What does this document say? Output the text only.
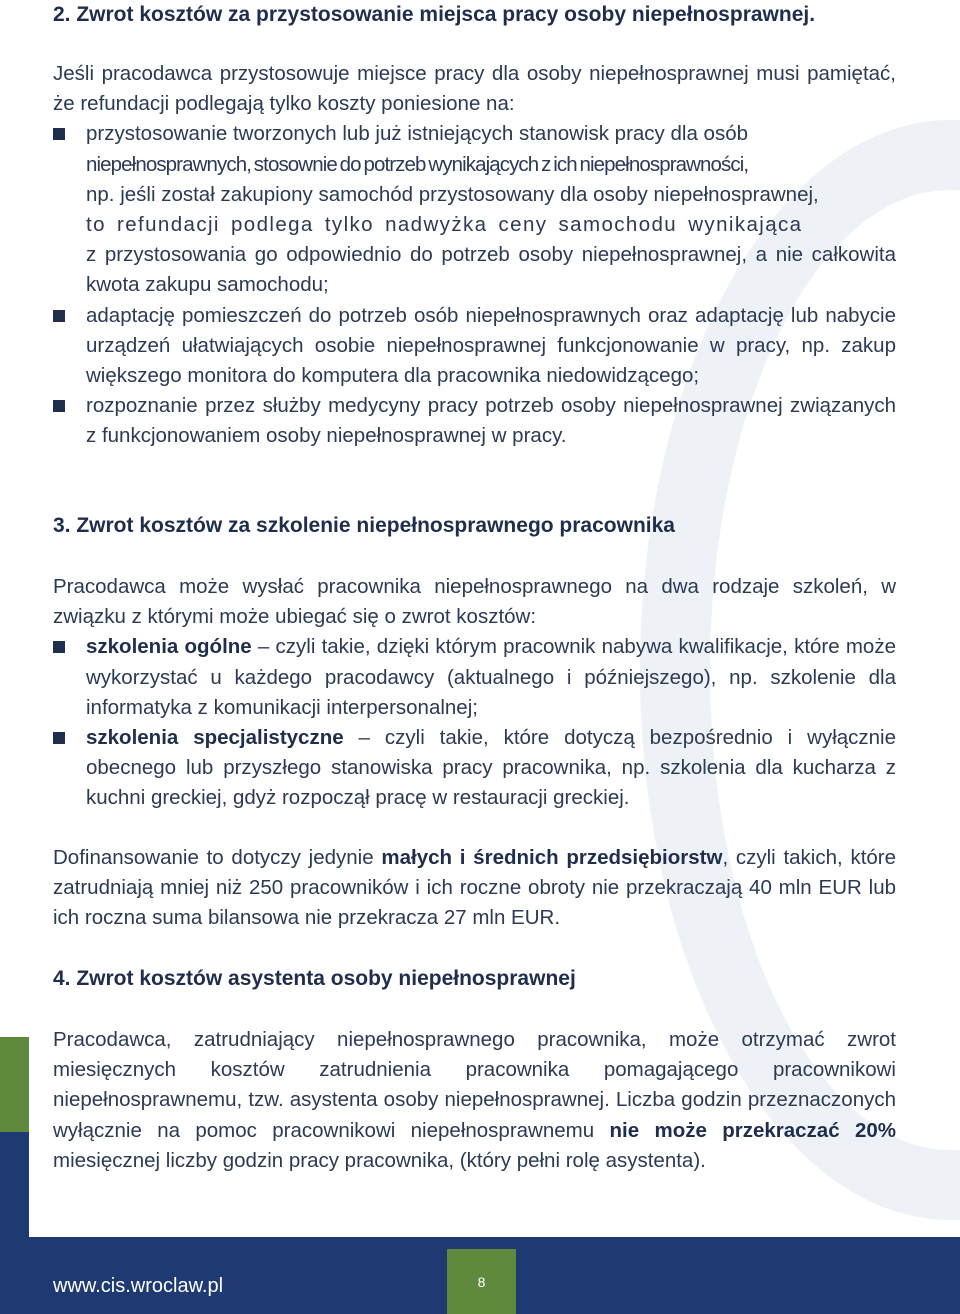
2. Zwrot kosztów za przystosowanie miejsca pracy osoby niepełnosprawnej.
Jeśli pracodawca przystosowuje miejsce pracy dla osoby niepełnosprawnej musi pamiętać, że refundacji podlegają tylko koszty poniesione na:
przystosowanie tworzonych lub już istniejących stanowisk pracy dla osób
niepełnosprawnych, stosownie do potrzeb wynikających z ich niepełnosprawności,
np. jeśli został zakupiony samochód przystosowany dla osoby niepełnosprawnej,
to refundacji podlega tylko nadwyżka ceny samochodu wynikająca
z przystosowania go odpowiednio do potrzeb osoby niepełnosprawnej, a nie całkowita kwota zakupu samochodu;
adaptację pomieszczeń do potrzeb osób niepełnosprawnych oraz adaptację lub nabycie urządzeń ułatwiających osobie niepełnosprawnej funkcjonowanie w pracy, np. zakup większego monitora do komputera dla pracownika niedowidzącego;
rozpoznanie przez służby medycyny pracy potrzeb osoby niepełnosprawnej związanych z funkcjonowaniem osoby niepełnosprawnej w pracy.
3. Zwrot kosztów za szkolenie niepełnosprawnego pracownika
Pracodawca może wysłać pracownika niepełnosprawnego na dwa rodzaje szkoleń, w związku z którymi może ubiegać się o zwrot kosztów:
szkolenia ogólne – czyli takie, dzięki którym pracownik nabywa kwalifikacje, które może wykorzystać u każdego pracodawcy (aktualnego i późniejszego), np. szkolenie dla informatyka z komunikacji interpersonalnej;
szkolenia specjalistyczne – czyli takie, które dotyczą bezpośrednio i wyłącznie obecnego lub przyszłego stanowiska pracy pracownika, np. szkolenia dla kucharza z kuchni greckiej, gdyż rozpoczął pracę w restauracji greckiej.
Dofinansowanie to dotyczy jedynie małych i średnich przedsiębiorstw, czyli takich, które zatrudniają mniej niż 250 pracowników i ich roczne obroty nie przekraczają 40 mln EUR lub ich roczna suma bilansowa nie przekracza 27 mln EUR.
4. Zwrot kosztów asystenta osoby niepełnosprawnej
Pracodawca, zatrudniający niepełnosprawnego pracownika, może otrzymać zwrot miesięcznych kosztów zatrudnienia pracownika pomagającego pracownikowi niepełnosprawnemu, tzw. asystenta osoby niepełnosprawnej. Liczba godzin przeznaczonych wyłącznie na pomoc pracownikowi niepełnosprawnemu nie może przekraczać 20% miesięcznej liczby godzin pracy pracownika, (który pełni rolę asystenta).
www.cis.wroclaw.pl	8
